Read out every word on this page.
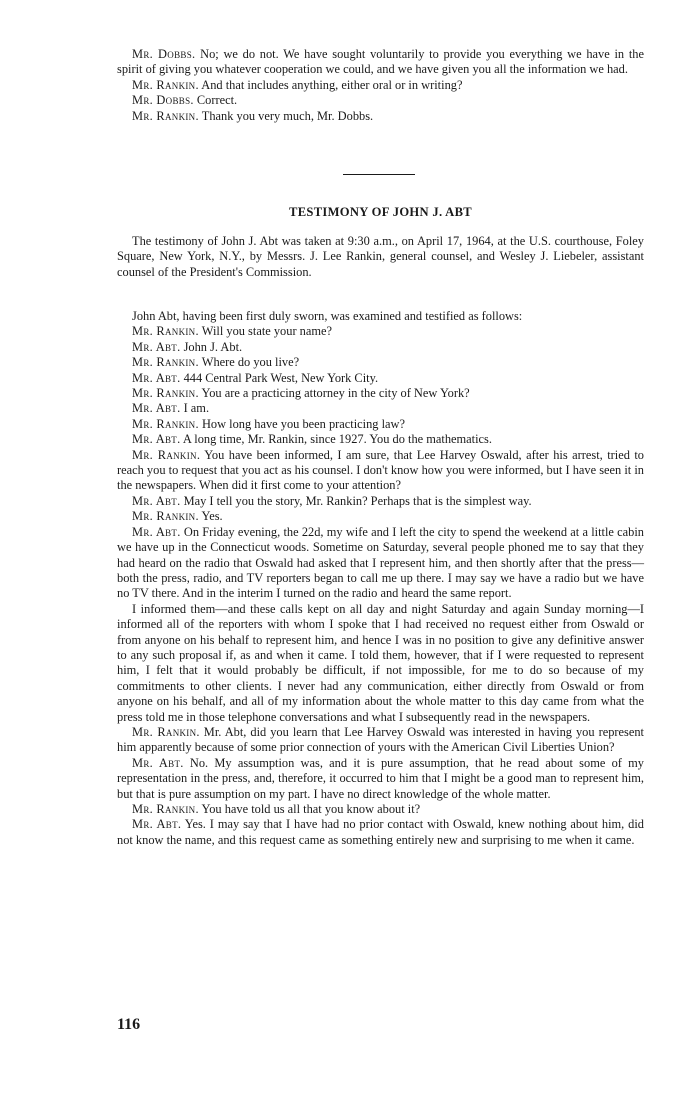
Mr. Dobbs. No; we do not. We have sought voluntarily to provide you everything we have in the spirit of giving you whatever cooperation we could, and we have given you all the information we had.

Mr. Rankin. And that includes anything, either oral or in writing?

Mr. Dobbs. Correct.

Mr. Rankin. Thank you very much, Mr. Dobbs.

TESTIMONY OF JOHN J. ABT

The testimony of John J. Abt was taken at 9:30 a.m., on April 17, 1964, at the U.S. courthouse, Foley Square, New York, N.Y., by Messrs. J. Lee Rankin, general counsel, and Wesley J. Liebeler, assistant counsel of the President's Commission.

John Abt, having been first duly sworn, was examined and testified as follows:

Mr. Rankin. Will you state your name?

Mr. Abt. John J. Abt.

Mr. Rankin. Where do you live?

Mr. Abt. 444 Central Park West, New York City.

Mr. Rankin. You are a practicing attorney in the city of New York?

Mr. Abt. I am.

Mr. Rankin. How long have you been practicing law?

Mr. Abt. A long time, Mr. Rankin, since 1927. You do the mathematics.

Mr. Rankin. You have been informed, I am sure, that Lee Harvey Oswald, after his arrest, tried to reach you to request that you act as his counsel. I don't know how you were informed, but I have seen it in the newspapers. When did it first come to your attention?

Mr. Abt. May I tell you the story, Mr. Rankin? Perhaps that is the simplest way.

Mr. Rankin. Yes.

Mr. Abt. On Friday evening, the 22d, my wife and I left the city to spend the weekend at a little cabin we have up in the Connecticut woods. Sometime on Saturday, several people phoned me to say that they had heard on the radio that Oswald had asked that I represent him, and then shortly after that the press—both the press, radio, and TV reporters began to call me up there. I may say we have a radio but we have no TV there. And in the interim I turned on the radio and heard the same report.

I informed them—and these calls kept on all day and night Saturday and again Sunday morning—I informed all of the reporters with whom I spoke that I had received no request either from Oswald or from anyone on his behalf to represent him, and hence I was in no position to give any definitive answer to any such proposal if, as and when it came. I told them, however, that if I were requested to represent him, I felt that it would probably be difficult, if not impossible, for me to do so because of my commitments to other clients. I never had any communication, either directly from Oswald or from anyone on his behalf, and all of my information about the whole matter to this day came from what the press told me in those telephone conversations and what I subsequently read in the newspapers.

Mr. Rankin. Mr. Abt, did you learn that Lee Harvey Oswald was interested in having you represent him apparently because of some prior connection of yours with the American Civil Liberties Union?

Mr. Abt. No. My assumption was, and it is pure assumption, that he read about some of my representation in the press, and, therefore, it occurred to him that I might be a good man to represent him, but that is pure assumption on my part. I have no direct knowledge of the whole matter.

Mr. Rankin. You have told us all that you know about it?

Mr. Abt. Yes. I may say that I have had no prior contact with Oswald, knew nothing about him, did not know the name, and this request came as something entirely new and surprising to me when it came.

116
